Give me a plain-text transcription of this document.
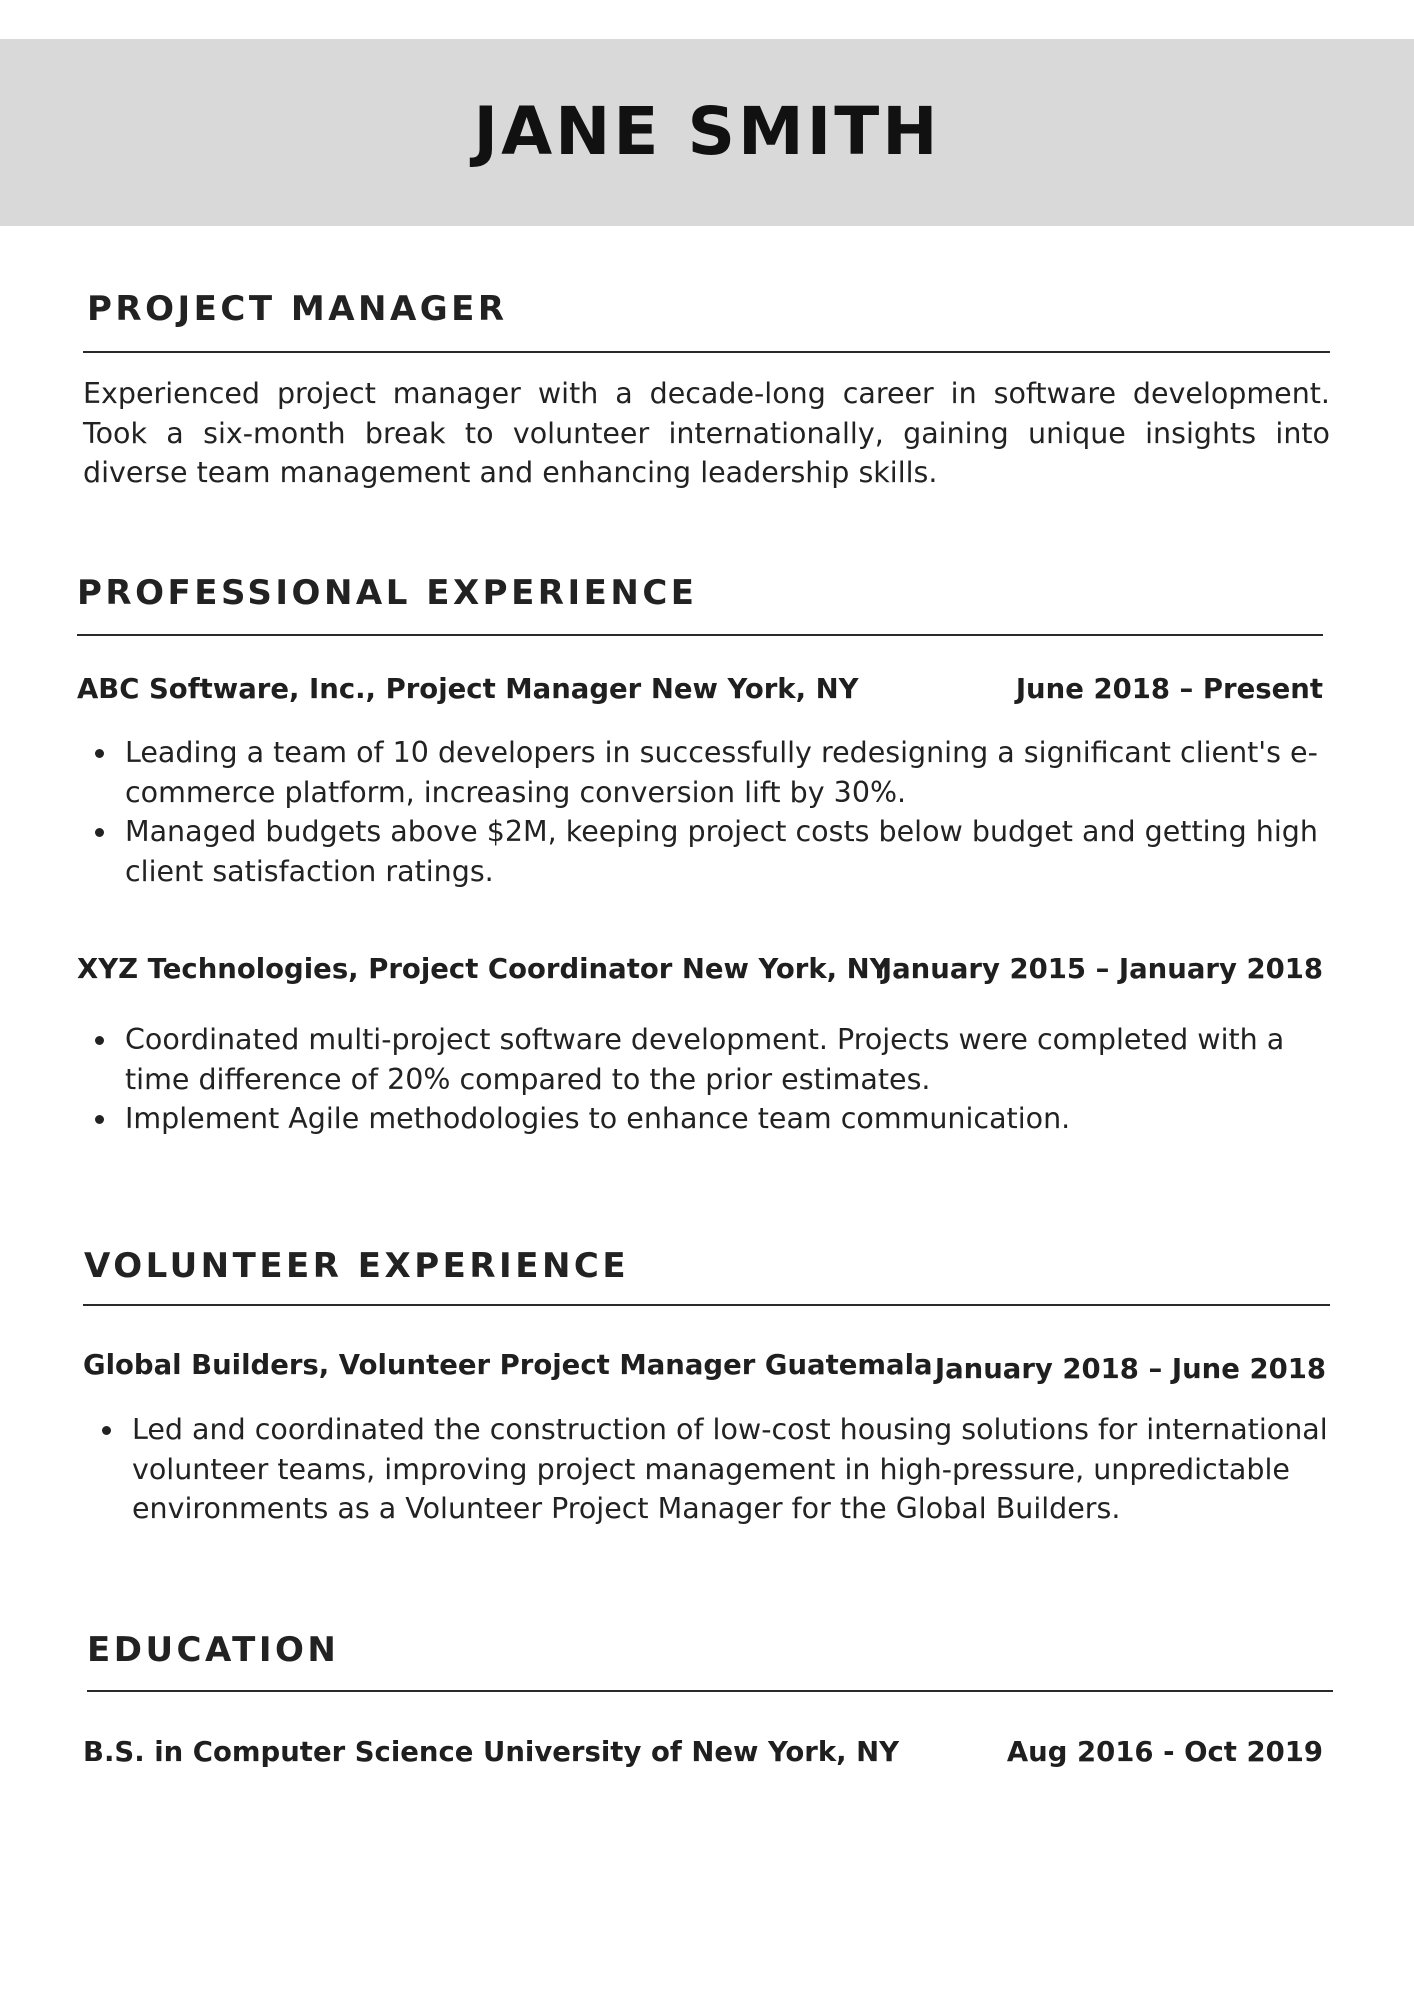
JANE SMITH
PROJECT MANAGER

Experienced project manager with a decade-long career in software development. Took a six-month break to volunteer internationally, gaining unique insights into diverse team management and enhancing leadership skills.

PROFESSIONAL EXPERIENCE
ABC Software, Inc., Project Manager New York, NY	June 2018 – Present
Leading a team of 10 developers in successfully redesigning a significant client's e-commerce platform, increasing conversion lift by 30%.
Managed budgets above $2M, keeping project costs below budget and getting high client satisfaction ratings.
XYZ Technologies, Project Coordinator New York, NY
January 2015 – January 2018
Coordinated multi-project software development. Projects were completed with a time difference of 20% compared to the prior estimates.
Implement Agile methodologies to enhance team communication.
VOLUNTEER EXPERIENCE
Global Builders, Volunteer Project Manager Guatemala January 2018 – June 2018
Led and coordinated the construction of low-cost housing solutions for international volunteer teams, improving project management in high-pressure, unpredictable environments as a Volunteer Project Manager for the Global Builders.
EDUCATION
B.S. in Computer Science University of New York, NY	Aug 2016 - Oct 2019
